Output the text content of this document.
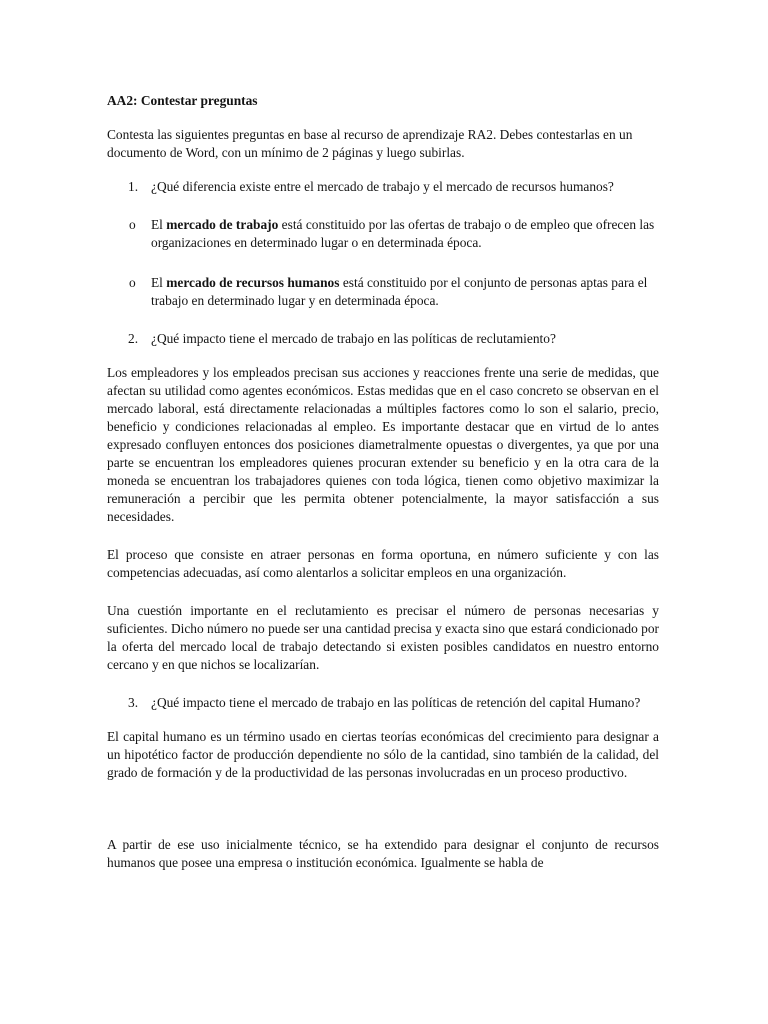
AA2: Contestar preguntas

Contesta las siguientes preguntas en base al recurso de aprendizaje RA2. Debes contestarlas en un documento de Word, con un mínimo de 2 páginas y luego subirlas.

1. ¿Qué diferencia existe entre el mercado de trabajo y el mercado de recursos humanos?
o El mercado de trabajo está constituido por las ofertas de trabajo o de empleo que ofrecen las organizaciones en determinado lugar o en determinada época.
o El mercado de recursos humanos está constituido por el conjunto de personas aptas para el trabajo en determinado lugar y en determinada época.
2. ¿Qué impacto tiene el mercado de trabajo en las políticas de reclutamiento?

Los empleadores y los empleados precisan sus acciones y reacciones frente una serie de medidas, que afectan su utilidad como agentes económicos. Estas medidas que en el caso concreto se observan en el mercado laboral, está directamente relacionadas a múltiples factores como lo son el salario, precio, beneficio y condiciones relacionadas al empleo. Es importante destacar que en virtud de lo antes expresado confluyen entonces dos posiciones diametralmente opuestas o divergentes, ya que por una parte se encuentran los empleadores quienes procuran extender su beneficio y en la otra cara de la moneda se encuentran los trabajadores quienes con toda lógica, tienen como objetivo maximizar la remuneración a percibir que les permita obtener potencialmente, la mayor satisfacción a sus necesidades.

El proceso que consiste en atraer personas en forma oportuna, en número suficiente y con las competencias adecuadas, así como alentarlos a solicitar empleos en una organización.

Una cuestión importante en el reclutamiento es precisar el número de personas necesarias y suficientes. Dicho número no puede ser una cantidad precisa y exacta sino que estará condicionado por la oferta del mercado local de trabajo detectando si existen posibles candidatos en nuestro entorno cercano y en que nichos se localizarían.

3. ¿Qué impacto tiene el mercado de trabajo en las políticas de retención del capital Humano?

El capital humano es un término usado en ciertas teorías económicas del crecimiento para designar a un hipotético factor de producción dependiente no sólo de la cantidad, sino también de la calidad, del grado de formación y de la productividad de las personas involucradas en un proceso productivo.

A partir de ese uso inicialmente técnico, se ha extendido para designar el conjunto de recursos humanos que posee una empresa o institución económica. Igualmente se habla de
